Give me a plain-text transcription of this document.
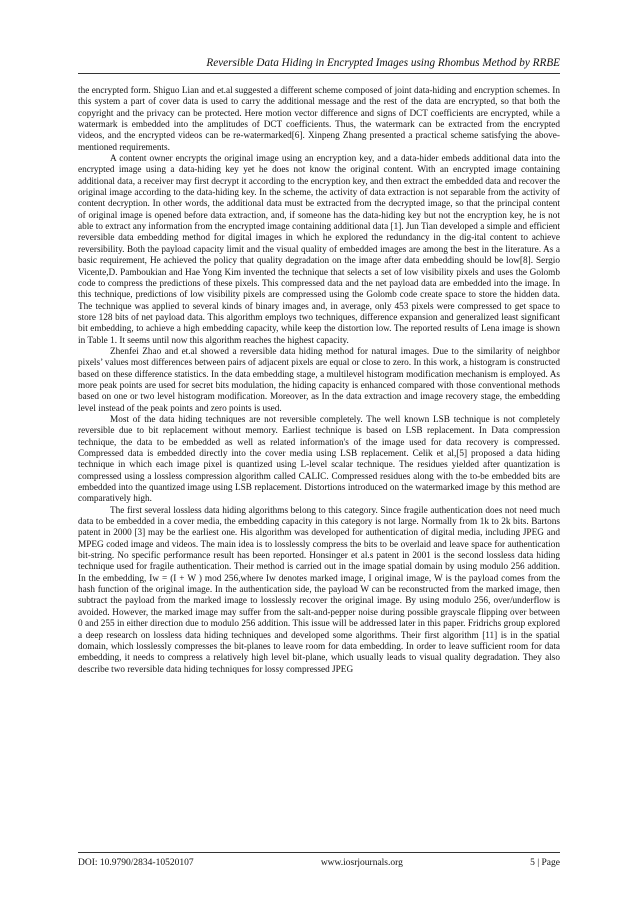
Reversible Data Hiding in Encrypted Images using Rhombus Method by RRBE

the encrypted form. Shiguo Lian and et.al suggested a different scheme composed of joint data-hiding and encryption schemes. In this system a part of cover data is used to carry the additional message and the rest of the data are encrypted, so that both the copyright and the privacy can be protected. Here motion vector difference and signs of DCT coefficients are encrypted, while a watermark is embedded into the amplitudes of DCT coefficients. Thus, the watermark can be extracted from the encrypted videos, and the encrypted videos can be re-watermarked[6]. Xinpeng Zhang presented a practical scheme satisfying the above-mentioned requirements.

A content owner encrypts the original image using an encryption key, and a data-hider embeds additional data into the encrypted image using a data-hiding key yet he does not know the original content. With an encrypted image containing additional data, a receiver may first decrypt it according to the encryption key, and then extract the embedded data and recover the original image according to the data-hiding key. In the scheme, the activity of data extraction is not separable from the activity of content decryption. In other words, the additional data must be extracted from the decrypted image, so that the principal content of original image is opened before data extraction, and, if someone has the data-hiding key but not the encryption key, he is not able to extract any information from the encrypted image containing additional data [1]. Jun Tian developed a simple and efficient reversible data embedding method for digital images in which he explored the redundancy in the dig-ital content to achieve reversibility. Both the payload capacity limit and the visual quality of embedded images are among the best in the literature. As a basic requirement, He achieved the policy that quality degradation on the image after data embedding should be low[8]. Sergio Vicente,D. Pamboukian and Hae Yong Kim invented the technique that selects a set of low visibility pixels and uses the Golomb code to compress the predictions of these pixels. This compressed data and the net payload data are embedded into the image. In this technique, predictions of low visibility pixels are compressed using the Golomb code create space to store the hidden data. The technique was applied to several kinds of binary images and, in average, only 453 pixels were compressed to get space to store 128 bits of net payload data. This algorithm employs two techniques, difference expansion and generalized least significant bit embedding, to achieve a high embedding capacity, while keep the distortion low. The reported results of Lena image is shown in Table 1. It seems until now this algorithm reaches the highest capacity.

Zhenfei Zhao and et.al showed a reversible data hiding method for natural images. Due to the similarity of neighbor pixels’ values most differences between pairs of adjacent pixels are equal or close to zero. In this work, a histogram is constructed based on these difference statistics. In the data embedding stage, a multilevel histogram modification mechanism is employed. As more peak points are used for secret bits modulation, the hiding capacity is enhanced compared with those conventional methods based on one or two level histogram modification. Moreover, as In the data extraction and image recovery stage, the embedding level instead of the peak points and zero points is used.

Most of the data hiding techniques are not reversible completely. The well known LSB technique is not completely reversible due to bit replacement without memory. Earliest technique is based on LSB replacement. In Data compression technique, the data to be embedded as well as related information's of the image used for data recovery is compressed. Compressed data is embedded directly into the cover media using LSB replacement. Celik et al,[5] proposed a data hiding technique in which each image pixel is quantized using L-level scalar technique. The residues yielded after quantization is compressed using a lossless compression algorithm called CALIC. Compressed residues along with the to-be embedded bits are embedded into the quantized image using LSB replacement. Distortions introduced on the watermarked image by this method are comparatively high.

The first several lossless data hiding algorithms belong to this category. Since fragile authentication does not need much data to be embedded in a cover media, the embedding capacity in this category is not large. Normally from 1k to 2k bits. Bartons patent in 2000 [3] may be the earliest one. His algorithm was developed for authentication of digital media, including JPEG and MPEG coded image and videos. The main idea is to losslessly compress the bits to be overlaid and leave space for authentication bit-string. No specific performance result has been reported. Honsinger et al.s patent in 2001 is the second lossless data hiding technique used for fragile authentication. Their method is carried out in the image spatial domain by using modulo 256 addition. In the embedding, Iw = (I + W ) mod 256,where Iw denotes marked image, I original image, W is the payload comes from the hash function of the original image. In the authentication side, the payload W can be reconstructed from the marked image, then subtract the payload from the marked image to losslessly recover the original image. By using modulo 256, over/underflow is avoided. However, the marked image may suffer from the salt-and-pepper noise during possible grayscale flipping over between 0 and 255 in either direction due to modulo 256 addition. This issue will be addressed later in this paper. Fridrichs group explored a deep research on lossless data hiding techniques and developed some algorithms. Their first algorithm [11] is in the spatial domain, which losslessly compresses the bit-planes to leave room for data embedding. In order to leave sufficient room for data embedding, it needs to compress a relatively high level bit-plane, which usually leads to visual quality degradation. They also describe two reversible data hiding techniques for lossy compressed JPEG

DOI: 10.9790/2834-10520107	www.iosrjournals.org	5 | Page
